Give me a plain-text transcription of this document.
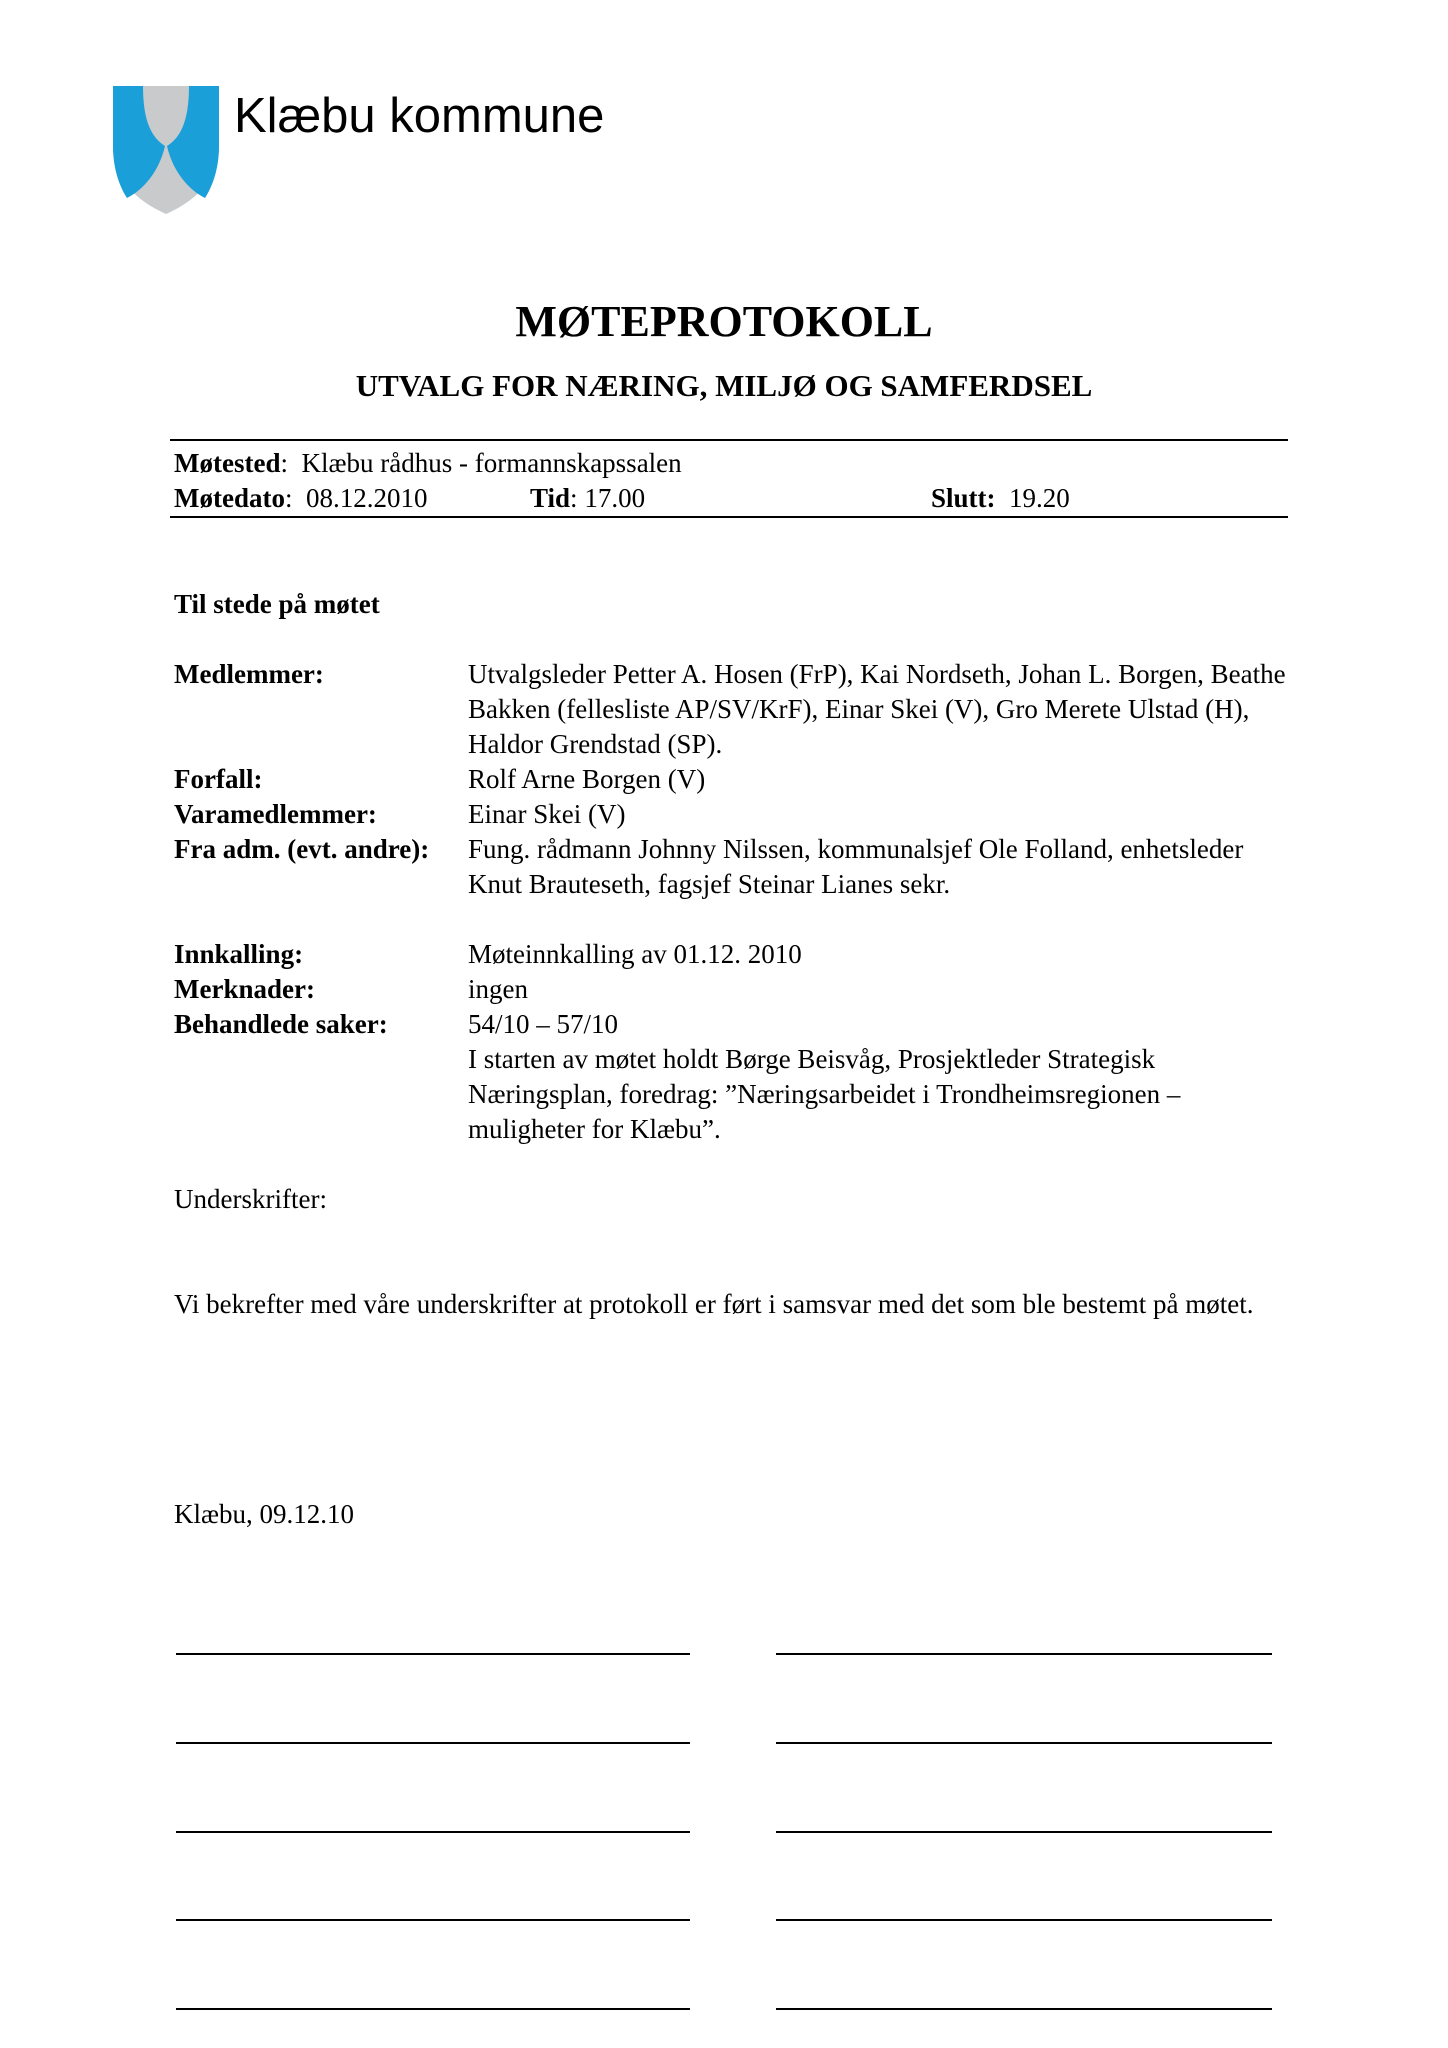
Klæbu kommune
MØTEPROTOKOLL
UTVALG FOR NÆRING, MILJØ OG SAMFERDSEL
Møtested:  Klæbu rådhus - formannskapssalen
Møtedato:  08.12.2010	Tid: 17.00	Slutt: 19.20
Til stede på møtet
Medlemmer:	Utvalgsleder Petter A. Hosen (FrP), Kai Nordseth, Johan L. Borgen, Beathe Bakken (fellesliste AP/SV/KrF), Einar Skei (V), Gro Merete Ulstad (H), Haldor Grendstad (SP).
Forfall:	Rolf Arne Borgen (V)
Varamedlemmer:	Einar Skei (V)
Fra adm. (evt. andre): Fung. rådmann Johnny Nilssen, kommunalsjef Ole Folland, enhetsleder Knut Brauteseth, fagsjef Steinar Lianes sekr.
Innkalling:	Møteinnkalling av 01.12. 2010
Merknader:	ingen
Behandlede saker:	54/10 – 57/10
I starten av møtet holdt Børge Beisvåg, Prosjektleder Strategisk Næringsplan, foredrag: ”Næringsarbeidet i Trondheimsregionen – muligheter for Klæbu”.
Underskrifter:
Vi bekrefter med våre underskrifter at protokoll er ført i samsvar med det som ble bestemt på møtet.
Klæbu, 09.12.10
